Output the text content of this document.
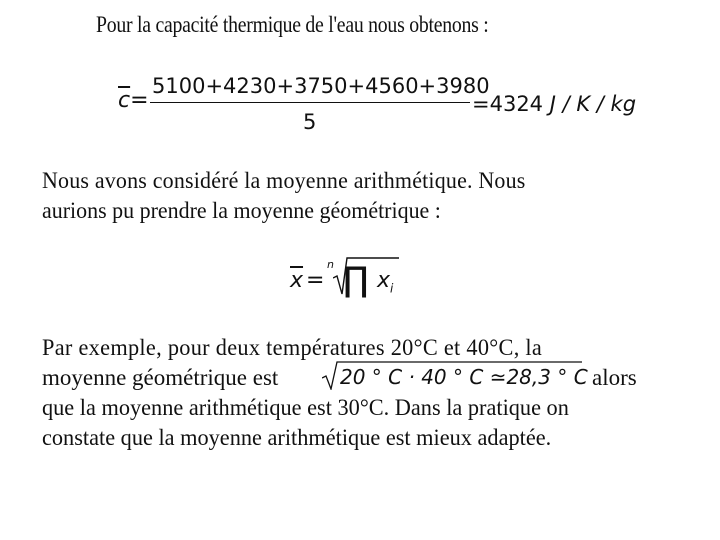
Pour la capacité thermique de l'eau nous obtenons :
$\overline{c}=$
5100+4230+3750+4560+3980
5
=4324 J / K / kg
Nous avons considéré la moyenne arithmétique. Nous
aurions pu prendre la moyenne géométrique :
$\overline{x}$ =
n ∏ $x_i$
Par exemple, pour deux températures 20°C et 40°C, la
moyenne géométrique est	20 ° C · 40 ° C ≃28,3 ° C alors
que la moyenne arithmétique est 30°C. Dans la pratique on
constate que la moyenne arithmétique est mieux adaptée.
